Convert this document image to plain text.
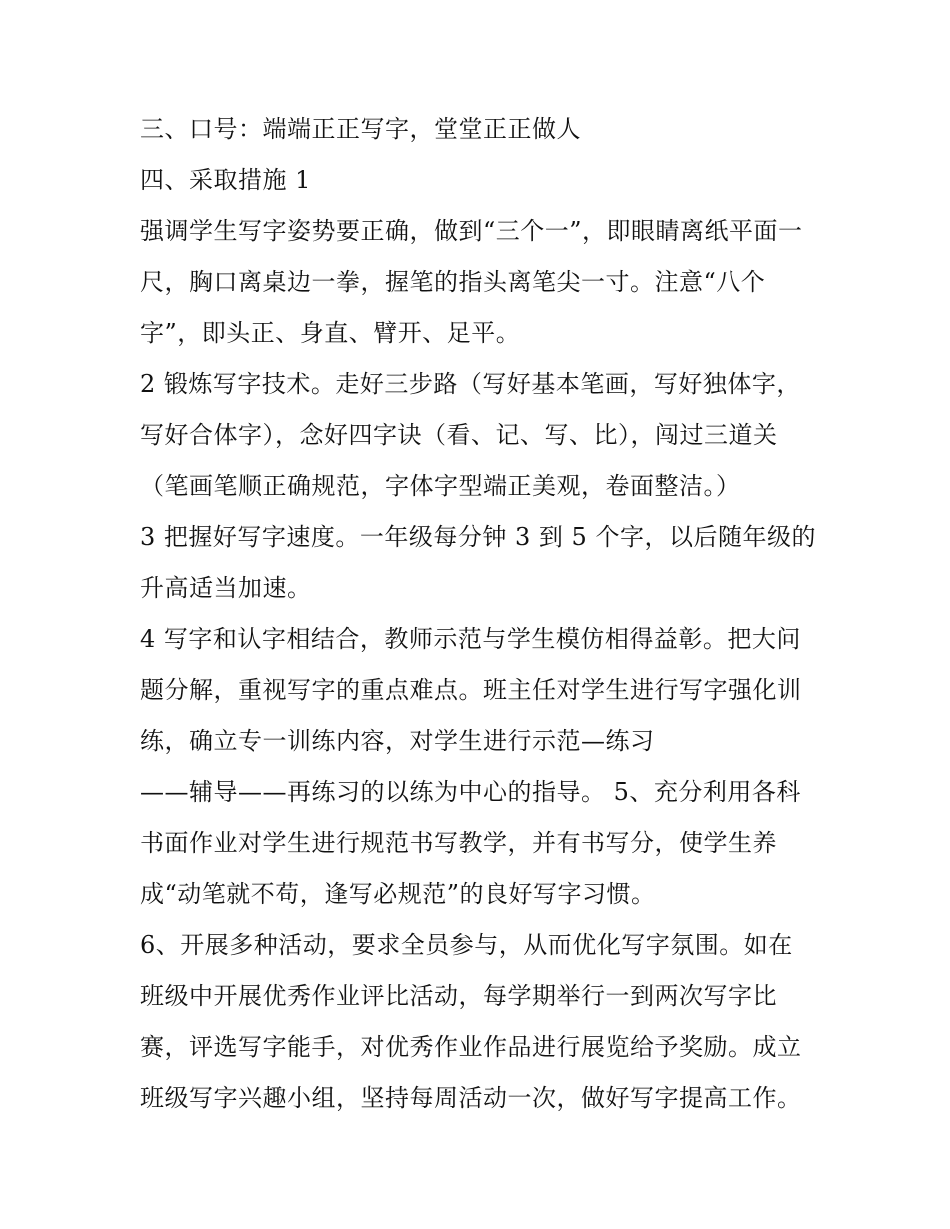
三、口号：端端正正写字，堂堂正正做人
四、采取措施 1
强调学生写字姿势要正确，做到“三个一”，即眼睛离纸平面一
尺，胸口离桌边一拳，握笔的指头离笔尖一寸。注意“八个
字”，即头正、身直、臂开、足平。
2 锻炼写字技术。走好三步路（写好基本笔画，写好独体字，
写好合体字），念好四字诀（看、记、写、比），闯过三道关
（笔画笔顺正确规范，字体字型端正美观，卷面整洁。）
3 把握好写字速度。一年级每分钟 3 到 5 个字，以后随年级的
升高适当加速。
4 写字和认字相结合，教师示范与学生模仿相得益彰。把大问
题分解，重视写字的重点难点。班主任对学生进行写字强化训
练，确立专一训练内容，对学生进行示范—练习
——辅导——再练习的以练为中心的指导。 5、充分利用各科
书面作业对学生进行规范书写教学，并有书写分，使学生养
成“动笔就不苟，逢写必规范”的良好写字习惯。
6、开展多种活动，要求全员参与，从而优化写字氛围。如在
班级中开展优秀作业评比活动，每学期举行一到两次写字比
赛，评选写字能手，对优秀作业作品进行展览给予奖励。成立
班级写字兴趣小组，坚持每周活动一次，做好写字提高工作。
